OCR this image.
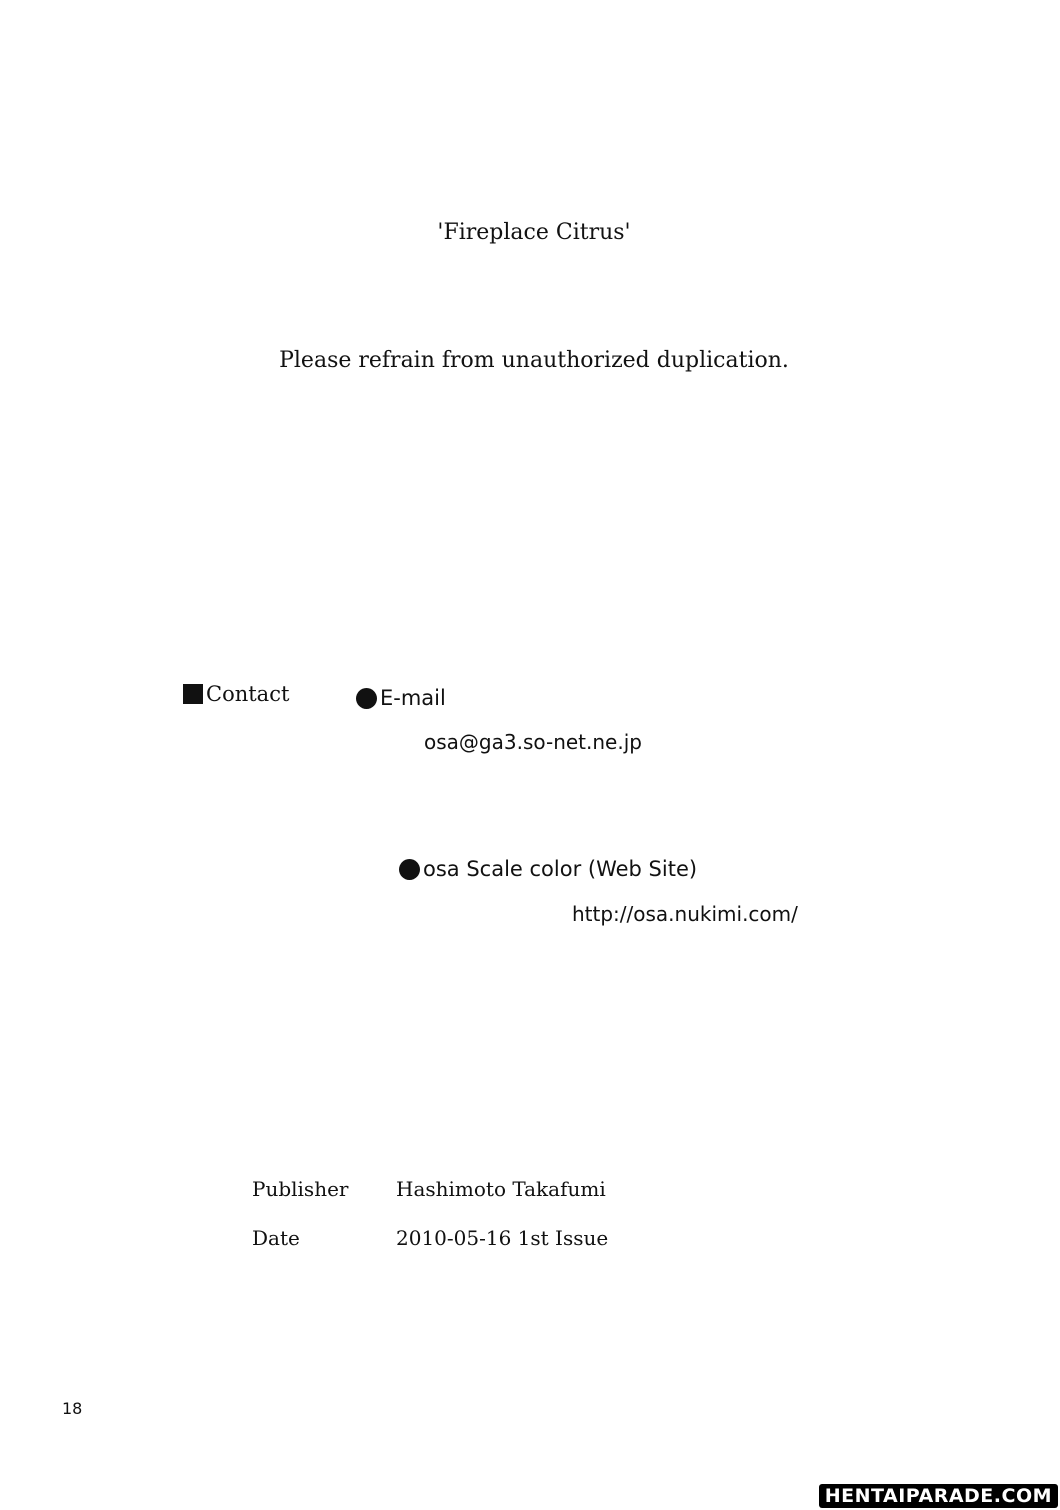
'Fireplace Citrus'
Please refrain from unauthorized duplication.
Contact	E-mail
osa@ga3.so-net.ne.jp
osa Scale color (Web Site)
http://osa.nukimi.com/
Publisher	Hashimoto Takafumi
Date	2010-05-16 1st Issue
18
HENTAIPARADE.COM
